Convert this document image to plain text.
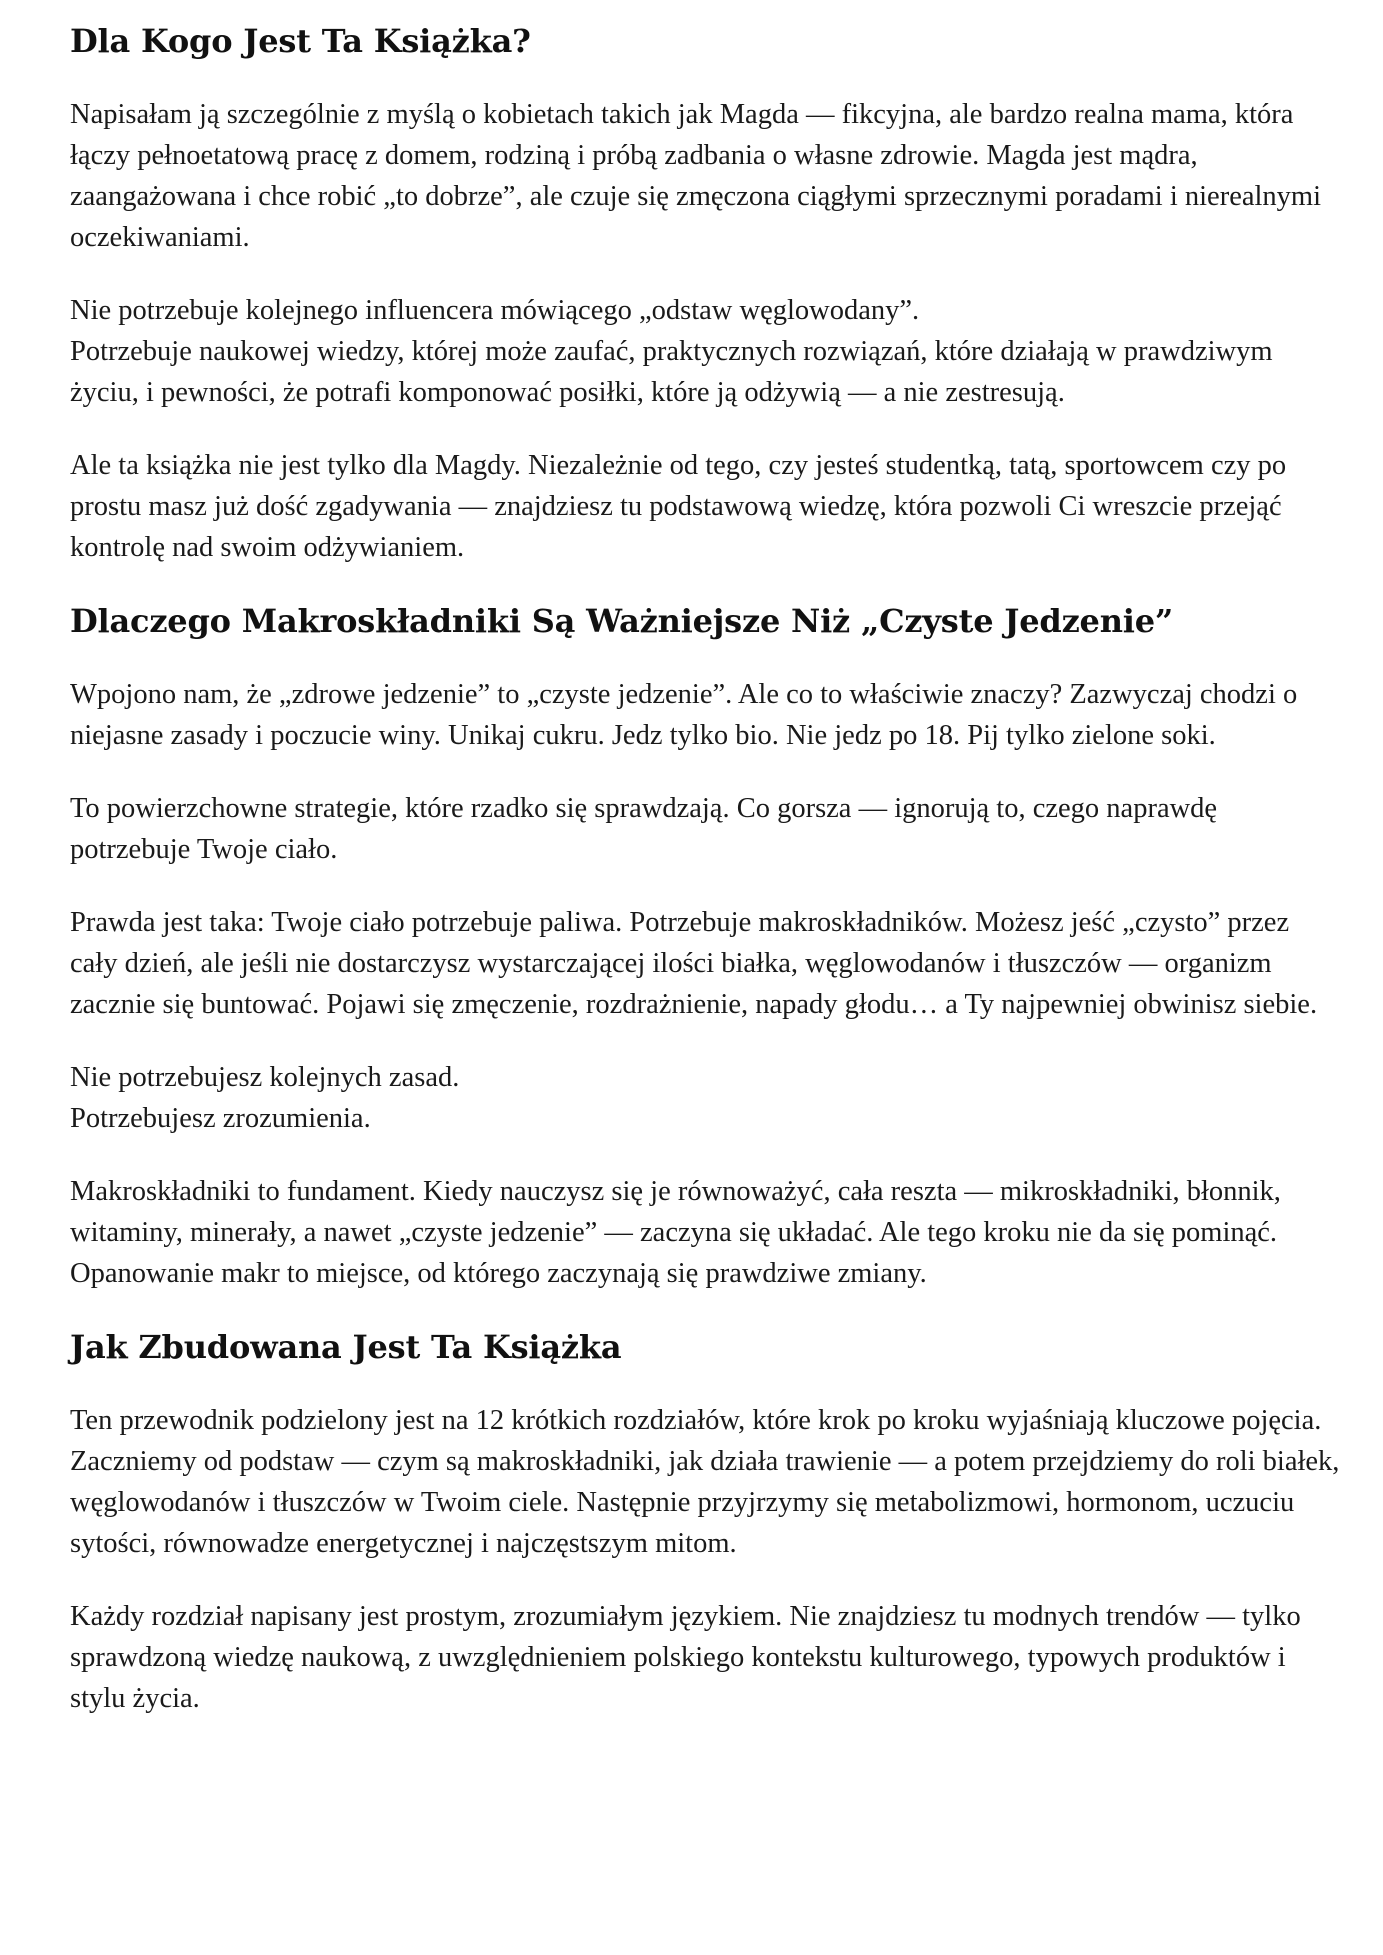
Dla Kogo Jest Ta Książka?

Napisałam ją szczególnie z myślą o kobietach takich jak Magda — fikcyjna, ale bardzo realna mama, która łączy pełnoetatową pracę z domem, rodziną i próbą zadbania o własne zdrowie. Magda jest mądra, zaangażowana i chce robić „to dobrze”, ale czuje się zmęczona ciągłymi sprzecznymi poradami i nierealnymi oczekiwaniami.

Nie potrzebuje kolejnego influencera mówiącego „odstaw węglowodany”.
Potrzebuje naukowej wiedzy, której może zaufać, praktycznych rozwiązań, które działają w prawdziwym życiu, i pewności, że potrafi komponować posiłki, które ją odżywią — a nie zestresują.

Ale ta książka nie jest tylko dla Magdy. Niezależnie od tego, czy jesteś studentką, tatą, sportowcem czy po prostu masz już dość zgadywania — znajdziesz tu podstawową wiedzę, która pozwoli Ci wreszcie przejąć kontrolę nad swoim odżywianiem.

Dlaczego Makroskładniki Są Ważniejsze Niż „Czyste Jedzenie”

Wpojono nam, że „zdrowe jedzenie” to „czyste jedzenie”. Ale co to właściwie znaczy? Zazwyczaj chodzi o niejasne zasady i poczucie winy. Unikaj cukru. Jedz tylko bio. Nie jedz po 18. Pij tylko zielone soki.

To powierzchowne strategie, które rzadko się sprawdzają. Co gorsza — ignorują to, czego naprawdę potrzebuje Twoje ciało.

Prawda jest taka: Twoje ciało potrzebuje paliwa. Potrzebuje makroskładników. Możesz jeść „czysto” przez cały dzień, ale jeśli nie dostarczysz wystarczającej ilości białka, węglowodanów i tłuszczów — organizm zacznie się buntować. Pojawi się zmęczenie, rozdrażnienie, napady głodu… a Ty najpewniej obwinisz siebie.

Nie potrzebujesz kolejnych zasad.
Potrzebujesz zrozumienia.

Makroskładniki to fundament. Kiedy nauczysz się je równoważyć, cała reszta — mikroskładniki, błonnik, witaminy, minerały, a nawet „czyste jedzenie” — zaczyna się układać. Ale tego kroku nie da się pominąć. Opanowanie makr to miejsce, od którego zaczynają się prawdziwe zmiany.

Jak Zbudowana Jest Ta Książka

Ten przewodnik podzielony jest na 12 krótkich rozdziałów, które krok po kroku wyjaśniają kluczowe pojęcia. Zaczniemy od podstaw — czym są makroskładniki, jak działa trawienie — a potem przejdziemy do roli białek, węglowodanów i tłuszczów w Twoim ciele. Następnie przyjrzymy się metabolizmowi, hormonom, uczuciu sytości, równowadze energetycznej i najczęstszym mitom.

Każdy rozdział napisany jest prostym, zrozumiałym językiem. Nie znajdziesz tu modnych trendów — tylko sprawdzoną wiedzę naukową, z uwzględnieniem polskiego kontekstu kulturowego, typowych produktów i stylu życia.
